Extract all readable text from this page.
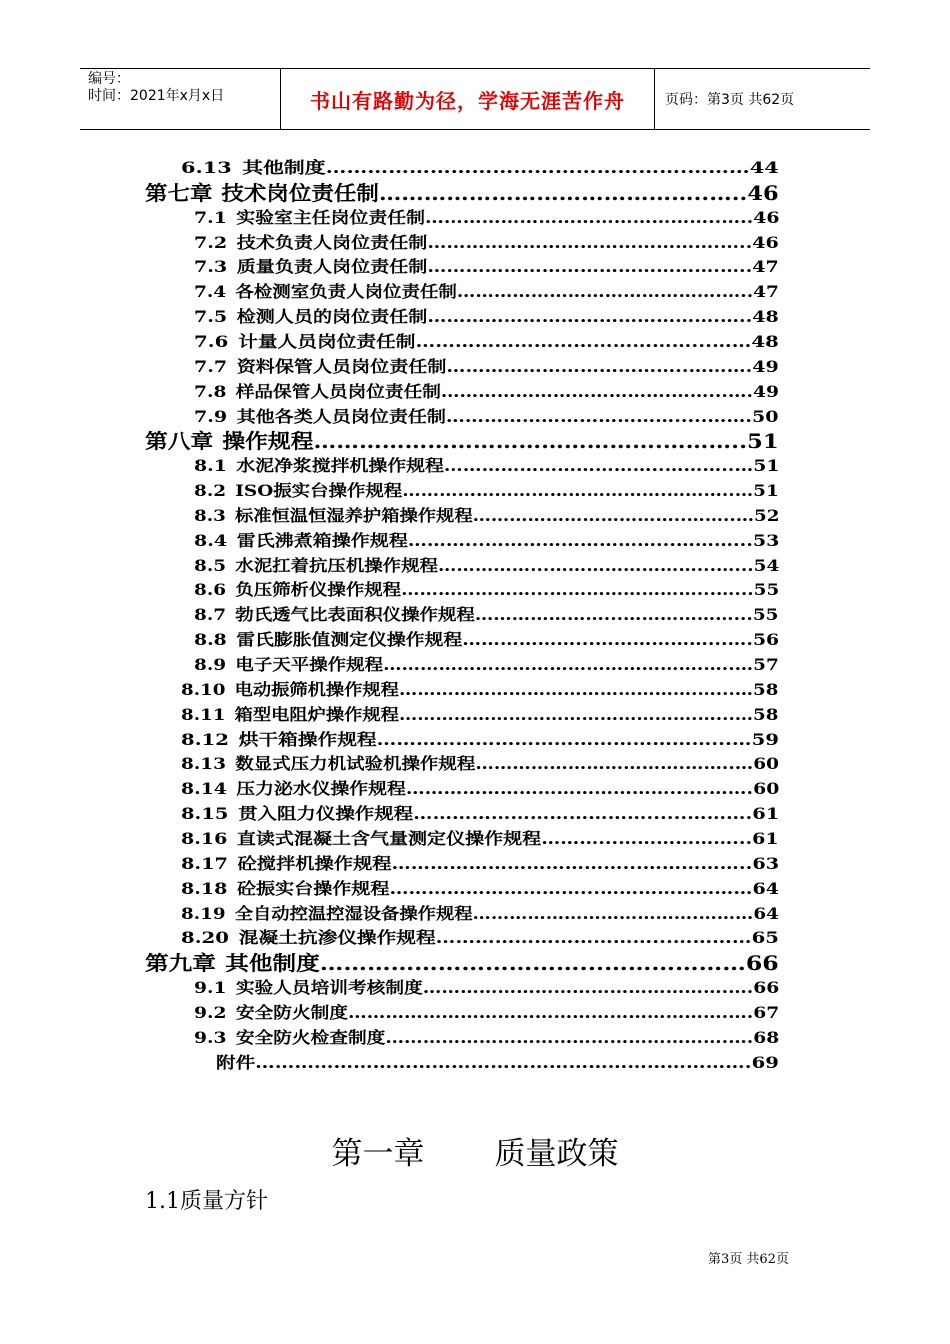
编号：
时间：2021年x月x日	书山有路勤为径，学海无涯苦作舟	页码：第3页 共62页
6.13 其他制度…………………………………………….………44
第七章 技术岗位责任制……………………………………..…..46
7.1 实验室主任岗位责任制………………………………………..…..46
7.2 技术负责人岗位责任制……………………………………….…..46
7.3 质量负责人岗位责任制……………………………………….…..47
7.4 各检测室负责人岗位责任制…………………………………….…..47
7.5 检测人员的岗位责任制……………………………………….…..48
7.6 计量人员岗位责任制……………………………………...……48
7.7 资料保管人员岗位责任制………………………………..……….49
7.8 样品保管人员岗位责任制……………………………….……...….49
7.9 其他各类人员岗位责任制……………………………….....…….50
第八章 操作规程……………………………………….………..51
8.1 水泥净浆搅拌机操作规程……………………………..………..…51
8.2 ISO振实台操作规程…………………………………….………..…51
8.3 标准恒温恒湿养护箱操作规程……………………………..……..…52
8.4 雷氏沸煮箱操作规程………...………………………...………...53
8.5 水泥扛着抗压机操作规程……………...……………………...…...54
8.6 负压筛析仪操作规程…………………...……………………...…...55
8.7 勃氏透气比表面积仪操作规程…………………...………………...55
8.8 雷氏膨胀值测定仪操作规程………………...………………...….56
8.9 电子天平操作规程…………………………………………….…..…57
8.10 电动振筛机操作规程………………………………………….…...…58
8.11 箱型电阻炉操作规程………………………………………….…...…58
8.12 烘干箱操作规程……………………………………………...…59
8.13 数显式压力机试验机操作规程…………………………….……..…60
8.14 压力泌水仪操作规程……………………………………......…….60
8.15 贯入阻力仪操作规程………………………………......……….61
8.16 直读式混凝土含气量测定仪操作规程………...………………...61
8.17 砼搅拌机操作规程………………………………...……………..63
8.18 砼振实台操作规程…………………………...……………………64
8.19 全自动控温控湿设备操作规程……………………………….………64
8.20 混凝土抗渗仪操作规程……………………………...…………65
第九章 其他制度……………………………...………………66
9.1 实验人员培训考核制度………………………………………….….66
9.2 安全防火制度…………………………………………………….….67
9.3 安全防火检查制度……………………………………………….….68
附件………………………………………………………………….69
第一章 质量政策
1.1质量方针
第3页 共62页
